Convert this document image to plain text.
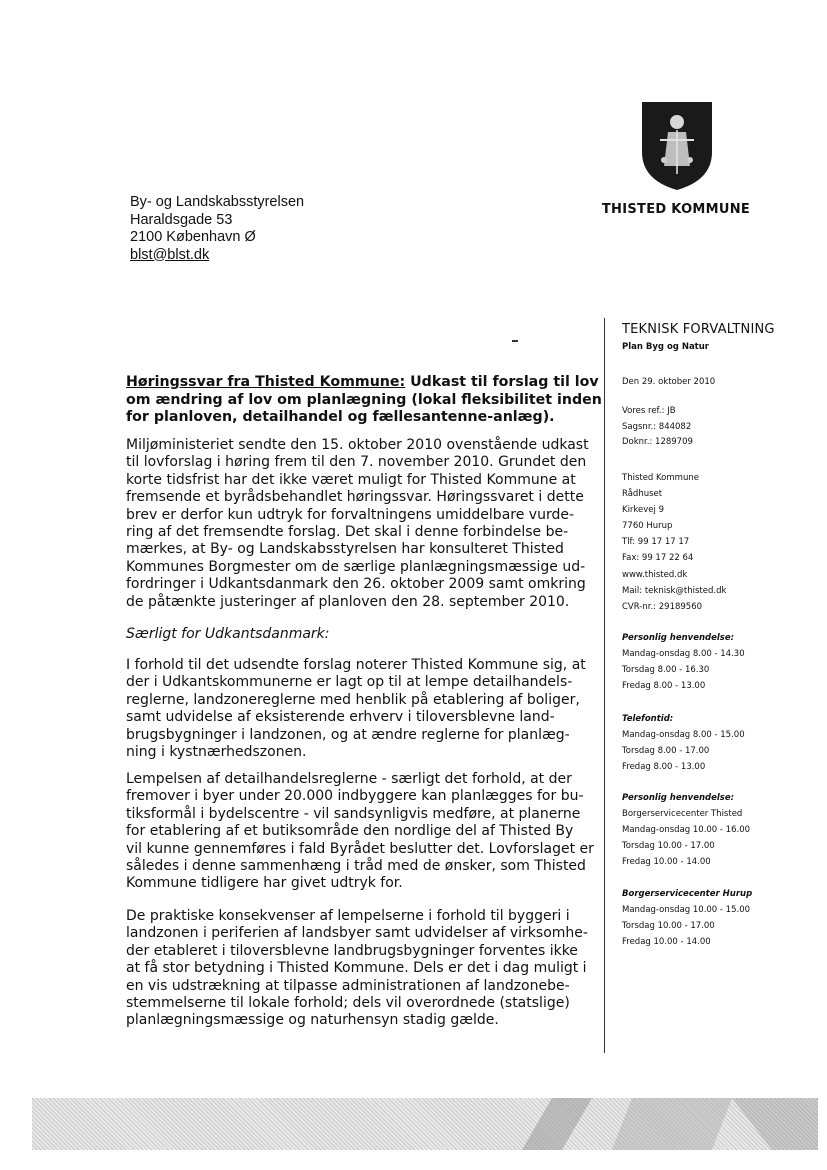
THISTED KOMMUNE
By- og Landskabsstyrelsen
Haraldsgade 53
2100 København Ø
blst@blst.dk
TEKNISK FORVALTNING
Plan Byg og Natur
Den 29. oktober 2010
Vores ref.: JB
Sagsnr.: 844082
Doknr.: 1289709
Thisted Kommune
Rådhuset
Kirkevej 9
7760 Hurup
Tlf: 99 17 17 17
Fax: 99 17 22 64
www.thisted.dk
Mail: teknisk@thisted.dk
CVR-nr.: 29189560
Personlig henvendelse:
Mandag-onsdag 8.00 - 14.30
Torsdag 8.00 - 16.30
Fredag 8.00 - 13.00
Telefontid:
Mandag-onsdag 8.00 - 15.00
Torsdag 8.00 - 17.00
Fredag 8.00 - 13.00
Personlig henvendelse:
Borgerservicecenter Thisted
Mandag-onsdag 10.00 - 16.00
Torsdag 10.00 - 17.00
Fredag 10.00 - 14.00
Borgerservicecenter Hurup
Mandag-onsdag 10.00 - 15.00
Torsdag 10.00 - 17.00
Fredag 10.00 - 14.00
Høringssvar fra Thisted Kommune: Udkast til forslag til lov
om ændring af lov om planlægning (lokal fleksibilitet inden
for planloven, detailhandel og fællesantenne-anlæg).
Miljøministeriet sendte den 15. oktober 2010 ovenstående udkast
til lovforslag i høring frem til den 7. november 2010. Grundet den
korte tidsfrist har det ikke været muligt for Thisted Kommune at
fremsende et byrådsbehandlet høringssvar. Høringssvaret i dette
brev er derfor kun udtryk for forvaltningens umiddelbare vurde-
ring af det fremsendte forslag. Det skal i denne forbindelse be-
mærkes, at By- og Landskabsstyrelsen har konsulteret Thisted
Kommunes Borgmester om de særlige planlægningsmæssige ud-
fordringer i Udkantsdanmark den 26. oktober 2009 samt omkring
de påtænkte justeringer af planloven den 28. september 2010.
Særligt for Udkantsdanmark:
I forhold til det udsendte forslag noterer Thisted Kommune sig, at
der i Udkantskommunerne er lagt op til at lempe detailhandels-
reglerne, landzonereglerne med henblik på etablering af boliger,
samt udvidelse af eksisterende erhverv i tiloversblevne land-
brugsbygninger i landzonen, og at ændre reglerne for planlæg-
ning i kystnærhedszonen.
Lempelsen af detailhandelsreglerne - særligt det forhold, at der
fremover i byer under 20.000 indbyggere kan planlægges for bu-
tiksformål i bydelscentre - vil sandsynligvis medføre, at planerne
for etablering af et butiksområde den nordlige del af Thisted By
vil kunne gennemføres i fald Byrådet beslutter det. Lovforslaget er
således i denne sammenhæng i tråd med de ønsker, som Thisted
Kommune tidligere har givet udtryk for.
De praktiske konsekvenser af lempelserne i forhold til byggeri i
landzonen i periferien af landsbyer samt udvidelser af virksomhe-
der etableret i tiloversblevne landbrugsbygninger forventes ikke
at få stor betydning i Thisted Kommune. Dels er det i dag muligt i
en vis udstrækning at tilpasse administrationen af landzonebe-
stemmelserne til lokale forhold; dels vil overordnede (statslige)
planlægningsmæssige og naturhensyn stadig gælde.
